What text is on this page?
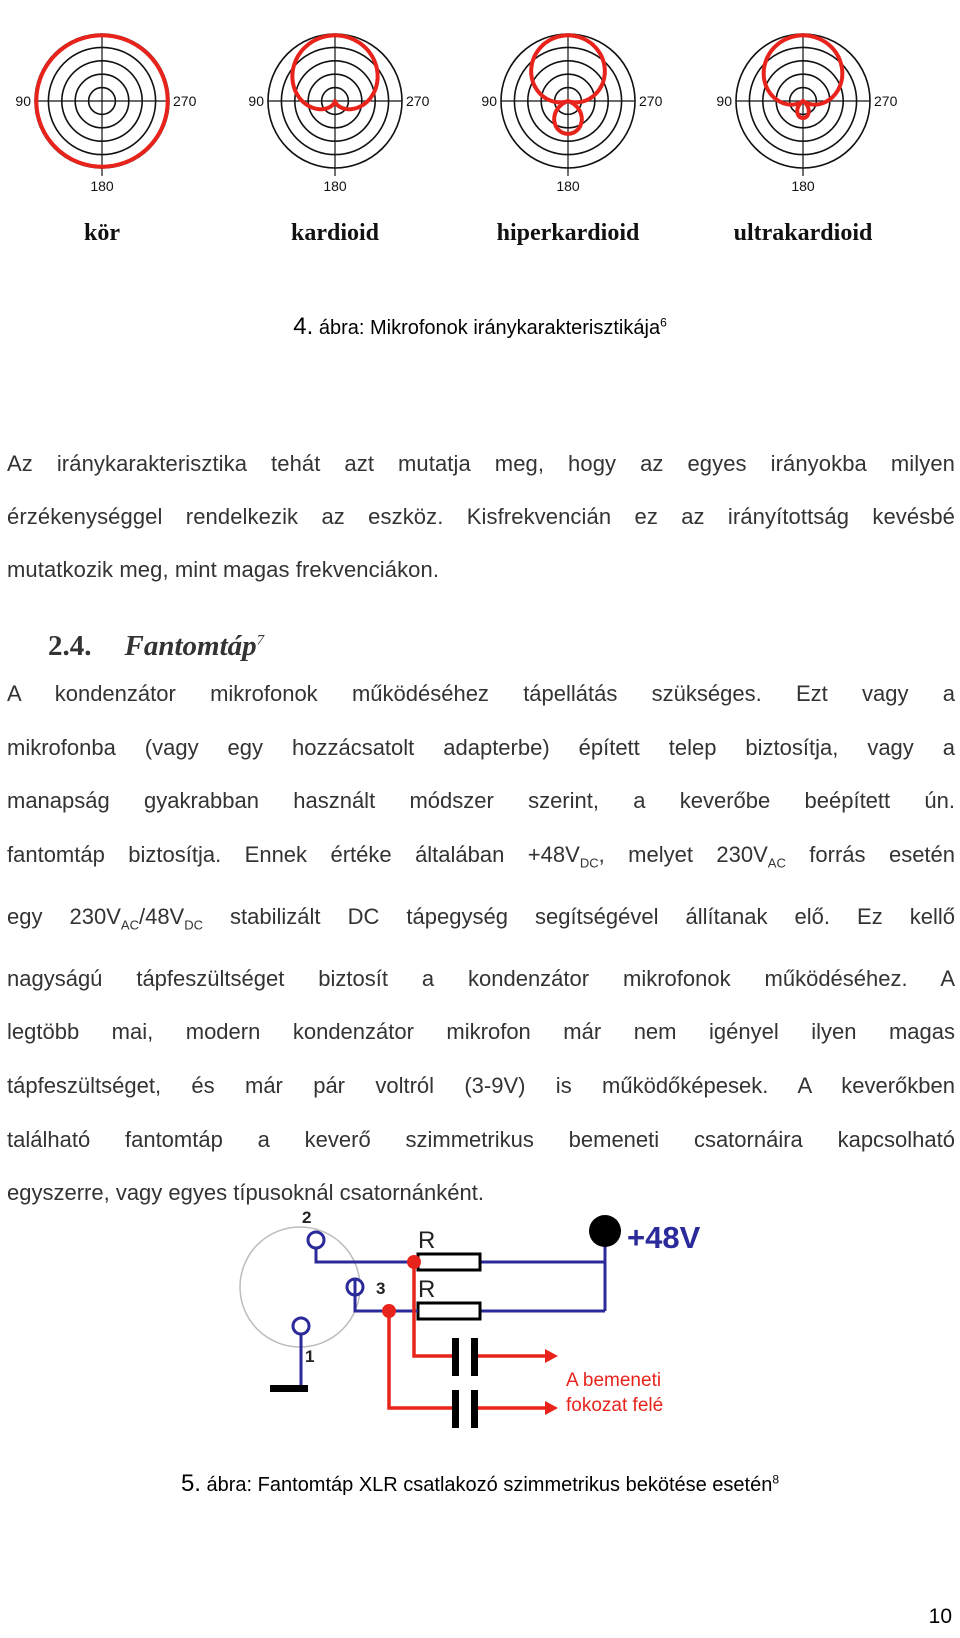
90	270
180
kör
90	270
180
kardioid
90	270
180
hiperkardioid
90	270
180
ultrakardioid
4. ábra: Mikrofonok iránykarakterisztikája$^6$
Az iránykarakterisztika tehát azt mutatja meg, hogy az egyes irányokba milyen
érzékenységgel rendelkezik az eszköz. Kisfrekvencián ez az irányítottság kevésbé
mutatkozik meg, mint magas frekvenciákon.
2.4. Fantomtáp$^7$
A kondenzátor mikrofonok működéséhez tápellátás szükséges. Ezt vagy a
mikrofonba (vagy egy hozzácsatolt adapterbe) épített telep biztosítja, vagy a
manapság gyakrabban használt módszer szerint, a keverőbe beépített ún.
fantomtáp biztosítja. Ennek értéke általában $+48V_{DC}$, melyet $230V_{AC}$ forrás esetén
egy $230V_{AC}/48V_{DC}$ stabilizált DC tápegység segítségével állítanak elő. Ez kellő
nagyságú tápfeszültséget biztosít a kondenzátor mikrofonok működéséhez. A
legtöbb mai, modern kondenzátor mikrofon már nem igényel ilyen magas
tápfeszültséget, és már pár voltról (3-9V) is működőképesek. A keverőkben
található fantomtáp a keverő szimmetrikus bemeneti csatornáira kapcsolható
egyszerre, vagy egyes típusoknál csatornánként.
2
3
1
R
R
+48V
A bemeneti
fokozat felé
5. ábra: Fantomtáp XLR csatlakozó szimmetrikus bekötése esetén$^8$
10
